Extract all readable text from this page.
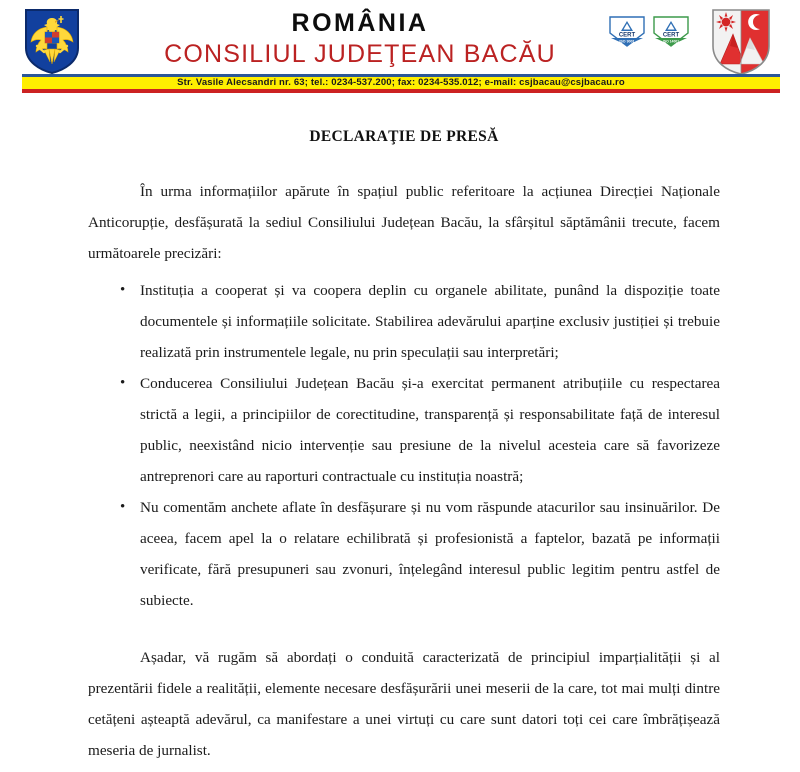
ROMÂNIA
CONSILIUL JUDEŢEAN BACĂU
CERT
ISO 9001
CERT
ISO 14001
Str. Vasile Alecsandri nr. 63; tel.: 0234-537.200; fax: 0234-535.012; e-mail: csjbacau@csjbacau.ro
DECLARAŢIE DE PRESĂ

În urma informațiilor apărute în spațiul public referitoare la acțiunea Direcției Naționale Anticorupție, desfășurată la sediul Consiliului Județean Bacău, la sfârșitul săptămânii trecute, facem următoarele precizări:

• Instituția a cooperat și va coopera deplin cu organele abilitate, punând la dispoziție toate documentele și informațiile solicitate. Stabilirea adevărului aparține exclusiv justiției și trebuie realizată prin instrumentele legale, nu prin speculații sau interpretări;
• Conducerea Consiliului Județean Bacău și-a exercitat permanent atribuțiile cu respectarea strictă a legii, a principiilor de corectitudine, transparență și responsabilitate față de interesul public, neexistând nicio intervenție sau presiune de la nivelul acesteia care să favorizeze antreprenori care au raporturi contractuale cu instituția noastră;
• Nu comentăm anchete aflate în desfășurare și nu vom răspunde atacurilor sau insinuărilor. De aceea, facem apel la o relatare echilibrată și profesionistă a faptelor, bazată pe informații verificate, fără presupuneri sau zvonuri, înțelegând interesul public legitim pentru astfel de subiecte.

Așadar, vă rugăm să abordați o conduită caracterizată de principiul imparțialității și al prezentării fidele a realității, elemente necesare desfășurării unei meserii de la care, tot mai mulți dintre cetățeni așteaptă adevărul, ca manifestare a unei virtuți cu care sunt datori toți cei care îmbrățișează meseria de jurnalist.
